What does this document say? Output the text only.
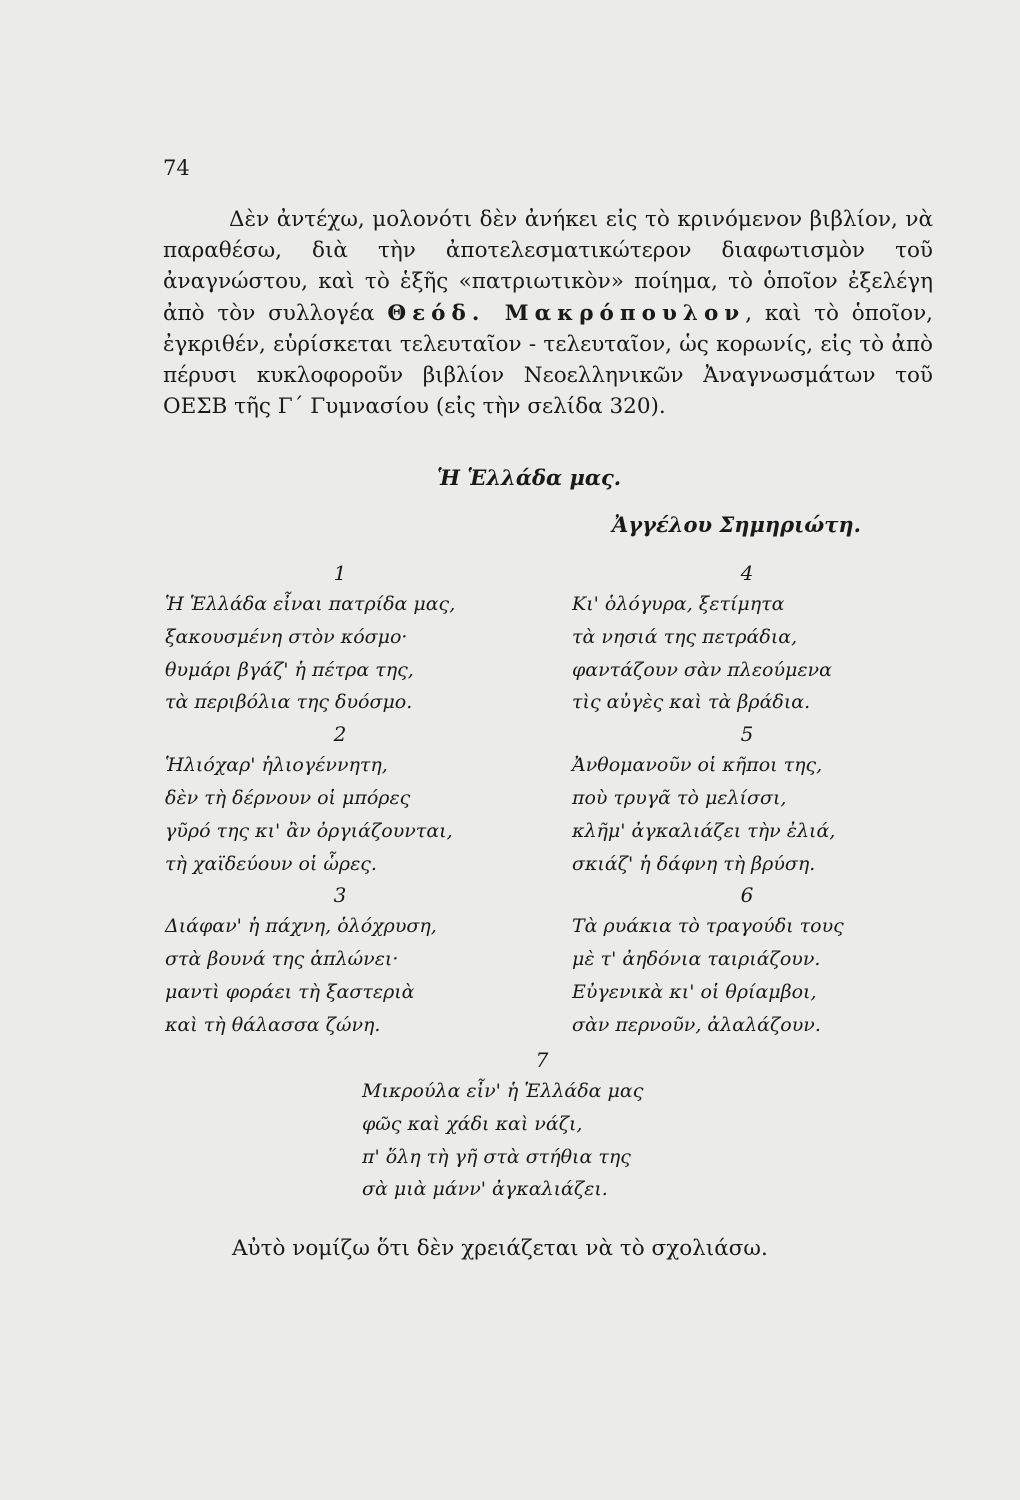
74

Δὲν ἀντέχω, μολονότι δὲν ἀνήκει εἰς τὸ κρινόμενον βιβλίον, νὰ παραθέσω, διὰ τὴν ἀποτελεσματικώτερον διαφωτισμὸν τοῦ ἀναγνώστου, καὶ τὸ ἑξῆς «πατριωτικὸν» ποίημα, τὸ ὁποῖον ἐξελέγη ἀπὸ τὸν συλλογέα Θεόδ. Μακρόπουλον, καὶ τὸ ὁποῖον, ἐγκριθέν, εὑρίσκεται τελευταῖον - τελευταῖον, ὡς κορωνίς, εἰς τὸ ἀπὸ πέρυσι κυκλοφοροῦν βιβλίον Νεοελληνικῶν Ἀναγνωσμάτων τοῦ ΟΕΣΒ τῆς Γ΄ Γυμνασίου (εἰς τὴν σελίδα 320).

Ἡ Ἑλλάδα μας.
Ἀγγέλου Σημηριώτη.
1
Ἡ Ἑλλάδα εἶναι πατρίδα μας,
ξακουσμένη στὸν κόσμο·
θυμάρι βγάζ' ἡ πέτρα της,
τὰ περιβόλια της δυόσμο.
2
Ἡλιόχαρ' ἡλιογέννητη,
δὲν τὴ δέρνουν οἱ μπόρες
γῦρό της κι' ἂν ὀργιάζουνται,
τὴ χαϊδεύουν οἱ ὧρες.
3
Διάφαν' ἡ πάχνη, ὁλόχρυση,
στὰ βουνά της ἁπλώνει·
μαντὶ φοράει τὴ ξαστεριὰ
καὶ τὴ θάλασσα ζώνη.
4
Κι' ὁλόγυρα, ξετίμητα
τὰ νησιά της πετράδια,
φαντάζουν σὰν πλεούμενα
τὶς αὐγὲς καὶ τὰ βράδια.
5
Ἀνθομανοῦν οἱ κῆποι της,
ποὺ τρυγᾶ τὸ μελίσσι,
κλῆμ' ἀγκαλιάζει τὴν ἐλιά,
σκιάζ' ἡ δάφνη τὴ βρύση.
6
Τὰ ρυάκια τὸ τραγούδι τους
μὲ τ' ἀηδόνια ταιριάζουν.
Εὐγενικὰ κι' οἱ θρίαμβοι,
σὰν περνοῦν, ἀλαλάζουν.
7
Μικρούλα εἶν' ἡ Ἑλλάδα μας
φῶς καὶ χάδι καὶ νάζι,
π' ὅλη τὴ γῆ στὰ στήθια της
σὰ μιὰ μάνν' ἀγκαλιάζει.
Αὐτὸ νομίζω ὅτι δὲν χρειάζεται νὰ τὸ σχολιάσω.
